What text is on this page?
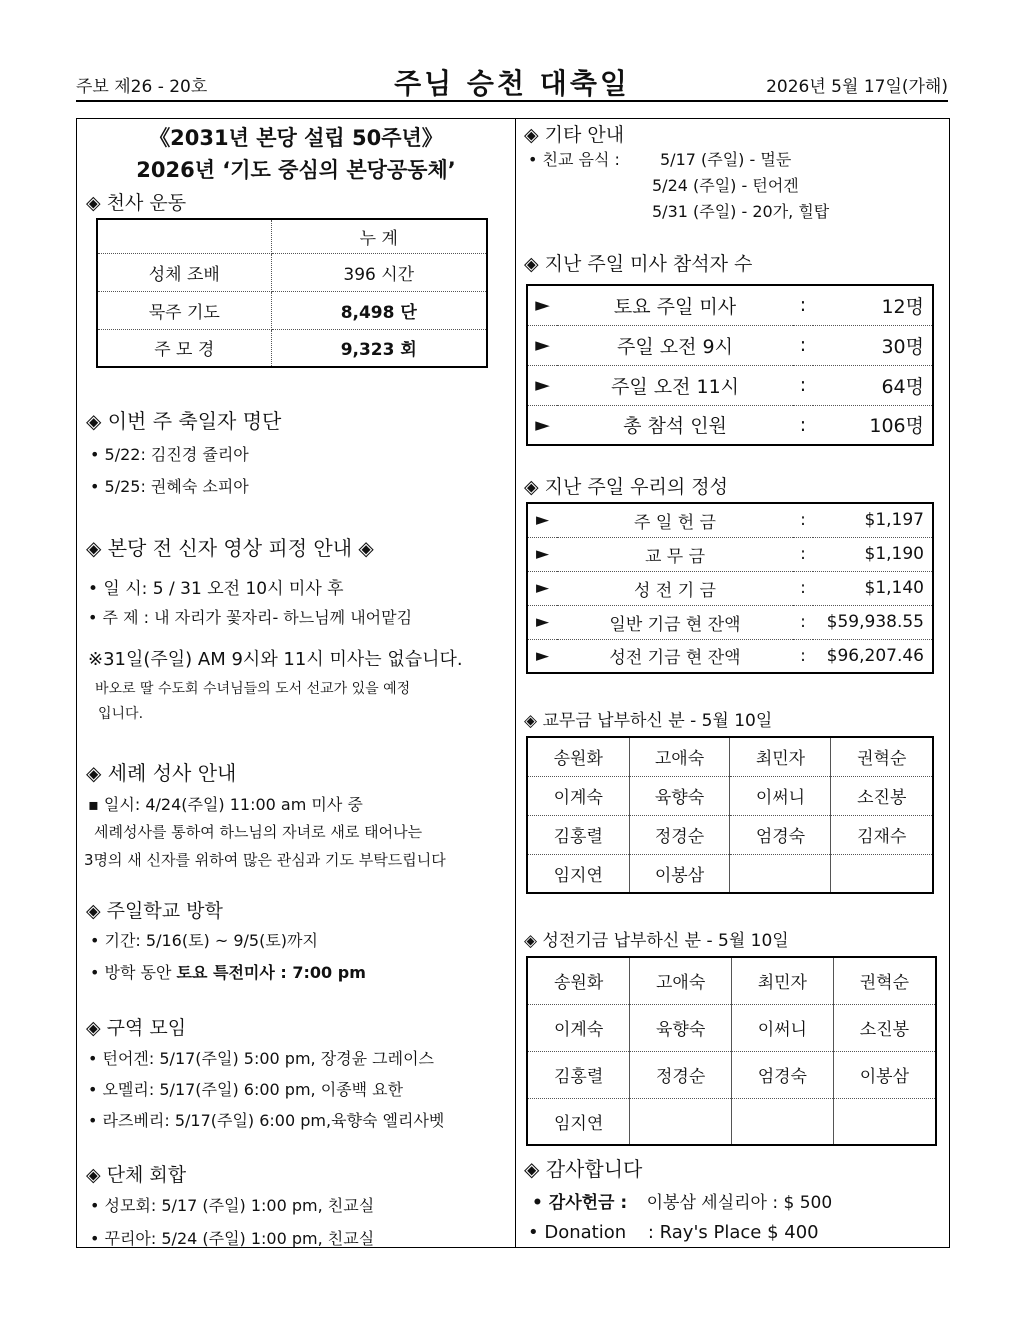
주보 제26 - 20호	주님 승천 대축일	2026년 5월 17일(가해)
《2031년 본당 설립 50주년》
2026년 ‘기도 중심의 본당공동체’
◈ 천사 운동
	누 계
성체 조배	396 시간
묵주 기도	8,498 단
주 모 경	9,323 회
◈ 이번 주 축일자 명단
• 5/22: 김진경 쥴리아
• 5/25: 권혜숙 소피아
◈ 본당 전 신자 영상 피정 안내 ◈
• 일 시: 5 / 31 오전 10시 미사 후
• 주 제 : 내 자리가 꽃자리- 하느님께 내어맡김
※31일(주일) AM 9시와 11시 미사는 없습니다.
바오로 딸 수도회 수녀님들의 도서 선교가 있을 예정
입니다.
◈ 세례 성사 안내
▪ 일시: 4/24(주일) 11:00 am 미사 중
세례성사를 통하여 하느님의 자녀로 새로 태어나는
3명의 새 신자를 위하여 많은 관심과 기도 부탁드립니다
◈ 주일학교 방학
• 기간: 5/16(토) ~ 9/5(토)까지
• 방학 동안 토요 특전미사 : 7:00 pm
◈ 구역 모임
• 턴어겐: 5/17(주일) 5:00 pm, 장경윤 그레이스
• 오멜리: 5/17(주일) 6:00 pm, 이종백 요한
• 라즈베리: 5/17(주일) 6:00 pm,육향숙 엘리사벳
◈ 단체 회합
• 성모회: 5/17 (주일) 1:00 pm, 친교실
• 꾸리아: 5/24 (주일) 1:00 pm, 친교실
◈ 기타 안내
• 친교 음식 :	5/17 (주일) - 멀둔
5/24 (주일) - 턴어겐
5/31 (주일) - 20가, 힐탑
◈ 지난 주일 미사 참석자 수
►	토요 주일 미사	:	12명
►	주일 오전 9시	:	30명
►	주일 오전 11시	:	64명
►	총 참석 인원	:	106명
◈ 지난 주일 우리의 정성
►	주 일 헌 금	:	$1,197
►	교 무 금	:	$1,190
►	성 전 기 금	:	$1,140
►	일반 기금 현 잔액	:	$59,938.55
►	성전 기금 현 잔액	:	$96,207.46
◈ 교무금 납부하신 분 - 5월 10일
송원화	고애숙	최민자	권혁순
이계숙	육향숙	이써니	소진봉
김홍렬	정경순	엄경숙	김재수
임지연	이봉삼		
◈ 성전기금 납부하신 분 - 5월 10일
송원화	고애숙	최민자	권혁순
이계숙	육향숙	이써니	소진봉
김홍렬	정경순	엄경숙	이봉삼
임지연			
◈ 감사합니다
• 감사헌금 : 이봉삼 세실리아 : $ 500
• Donation : Ray's Place $ 400
